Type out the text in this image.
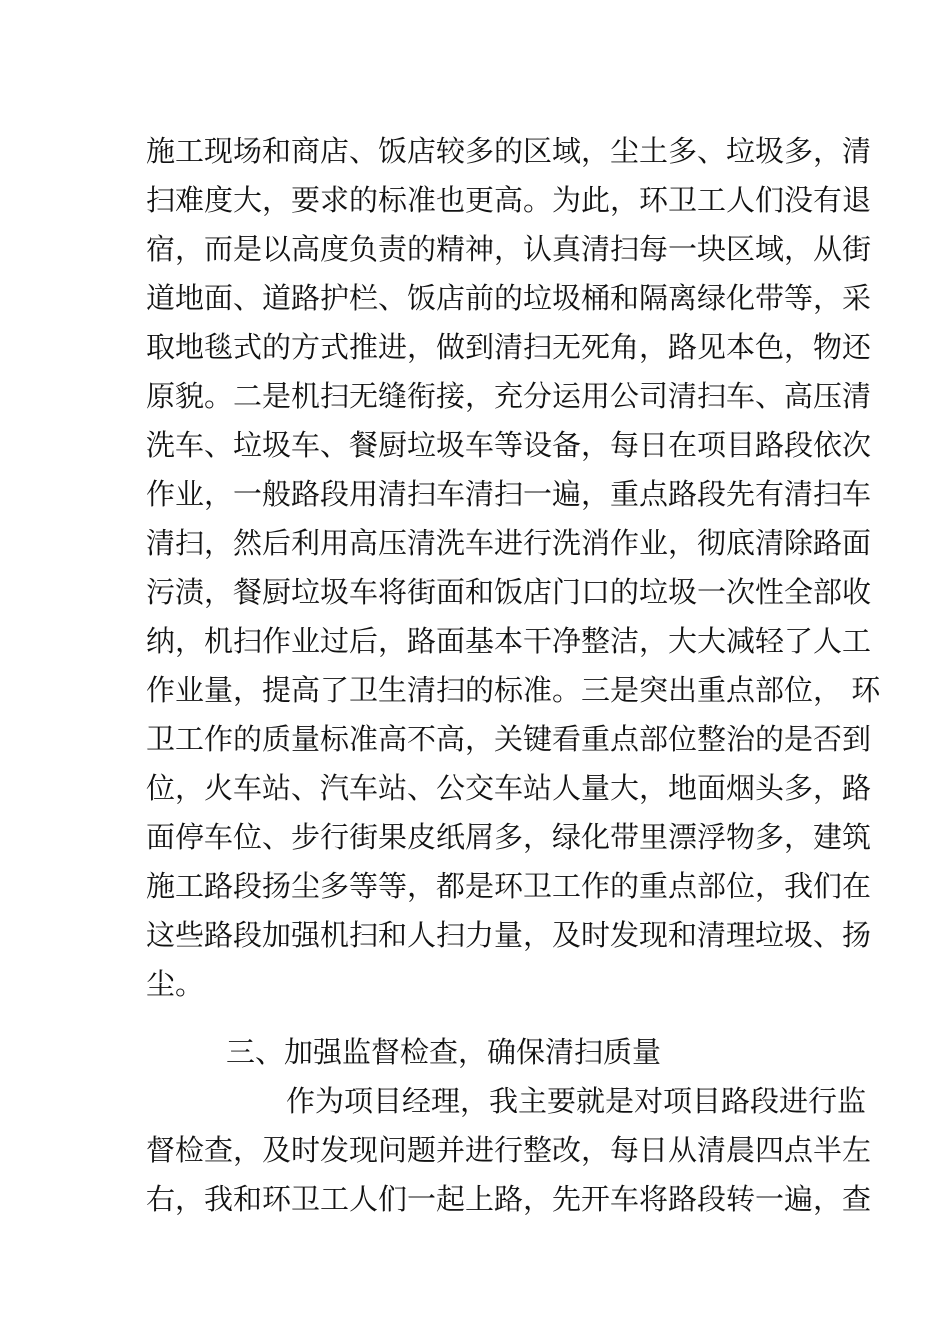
施工现场和商店、饭店较多的区域，尘土多、垃圾多，清
扫难度大，要求的标准也更高。为此，环卫工人们没有退
宿，而是以高度负责的精神，认真清扫每一块区域，从街
道地面、道路护栏、饭店前的垃圾桶和隔离绿化带等，采
取地毯式的方式推进，做到清扫无死角，路见本色，物还
原貌。二是机扫无缝衔接，充分运用公司清扫车、高压清
洗车、垃圾车、餐厨垃圾车等设备，每日在项目路段依次
作业，一般路段用清扫车清扫一遍，重点路段先有清扫车
清扫，然后利用高压清洗车进行洗消作业，彻底清除路面
污渍，餐厨垃圾车将街面和饭店门口的垃圾一次性全部收
纳，机扫作业过后，路面基本干净整洁，大大减轻了人工
作业量，提高了卫生清扫的标准。三是突出重点部位， 环
卫工作的质量标准高不高，关键看重点部位整治的是否到
位，火车站、汽车站、公交车站人量大，地面烟头多，路
面停车位、步行街果皮纸屑多，绿化带里漂浮物多，建筑
施工路段扬尘多等等，都是环卫工作的重点部位，我们在
这些路段加强机扫和人扫力量，及时发现和清理垃圾、扬
尘。
三、加强监督检查，确保清扫质量
作为项目经理，我主要就是对项目路段进行监
督检查，及时发现问题并进行整改，每日从清晨四点半左
右，我和环卫工人们一起上路，先开车将路段转一遍，查
